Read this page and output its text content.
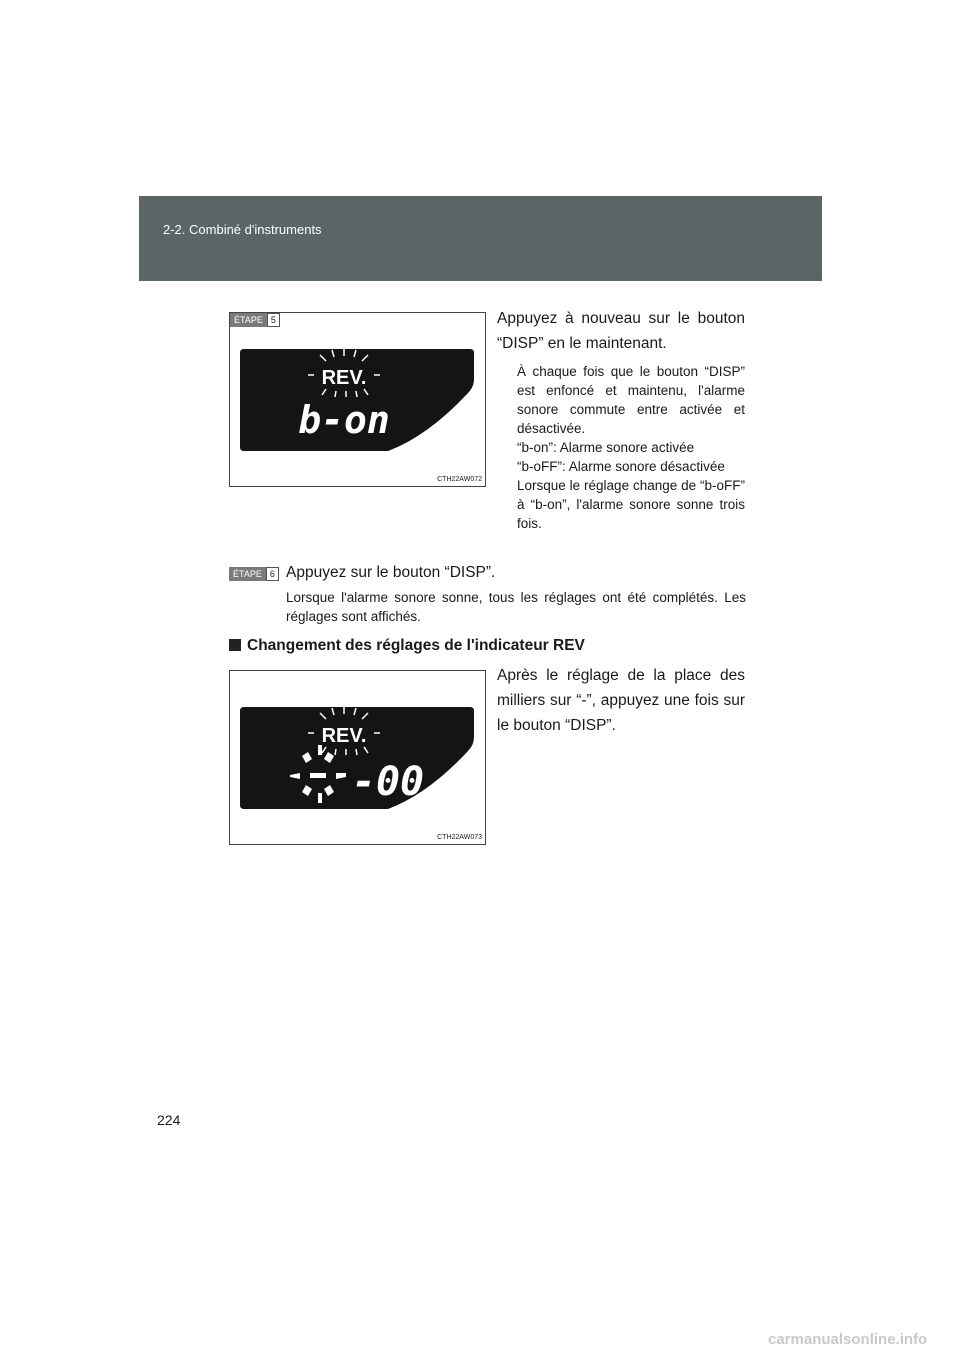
2-2. Combiné d'instruments
ÉTAPE 5
REV.
b-on
CTH22AW072

Appuyez à nouveau sur le bouton “DISP” en le maintenant.

À chaque fois que le bouton “DISP” est enfoncé et maintenu, l'alarme sonore commute entre activée et désactivée.
“b-on”: Alarme sonore activée
“b-oFF”: Alarme sonore désactivée
Lorsque le réglage change de “b-oFF” à “b-on”, l'alarme sonore sonne trois fois.
ÉTAPE 6 Appuyez sur le bouton “DISP”.

Lorsque l'alarme sonore sonne, tous les réglages ont été complétés. Les réglages sont affichés.

Changement des réglages de l'indicateur REV
-00
REV.
CTH22AW073

Après le réglage de la place des milliers sur “-”, appuyez une fois sur le bouton “DISP”.

224
carmanualsonline.info
